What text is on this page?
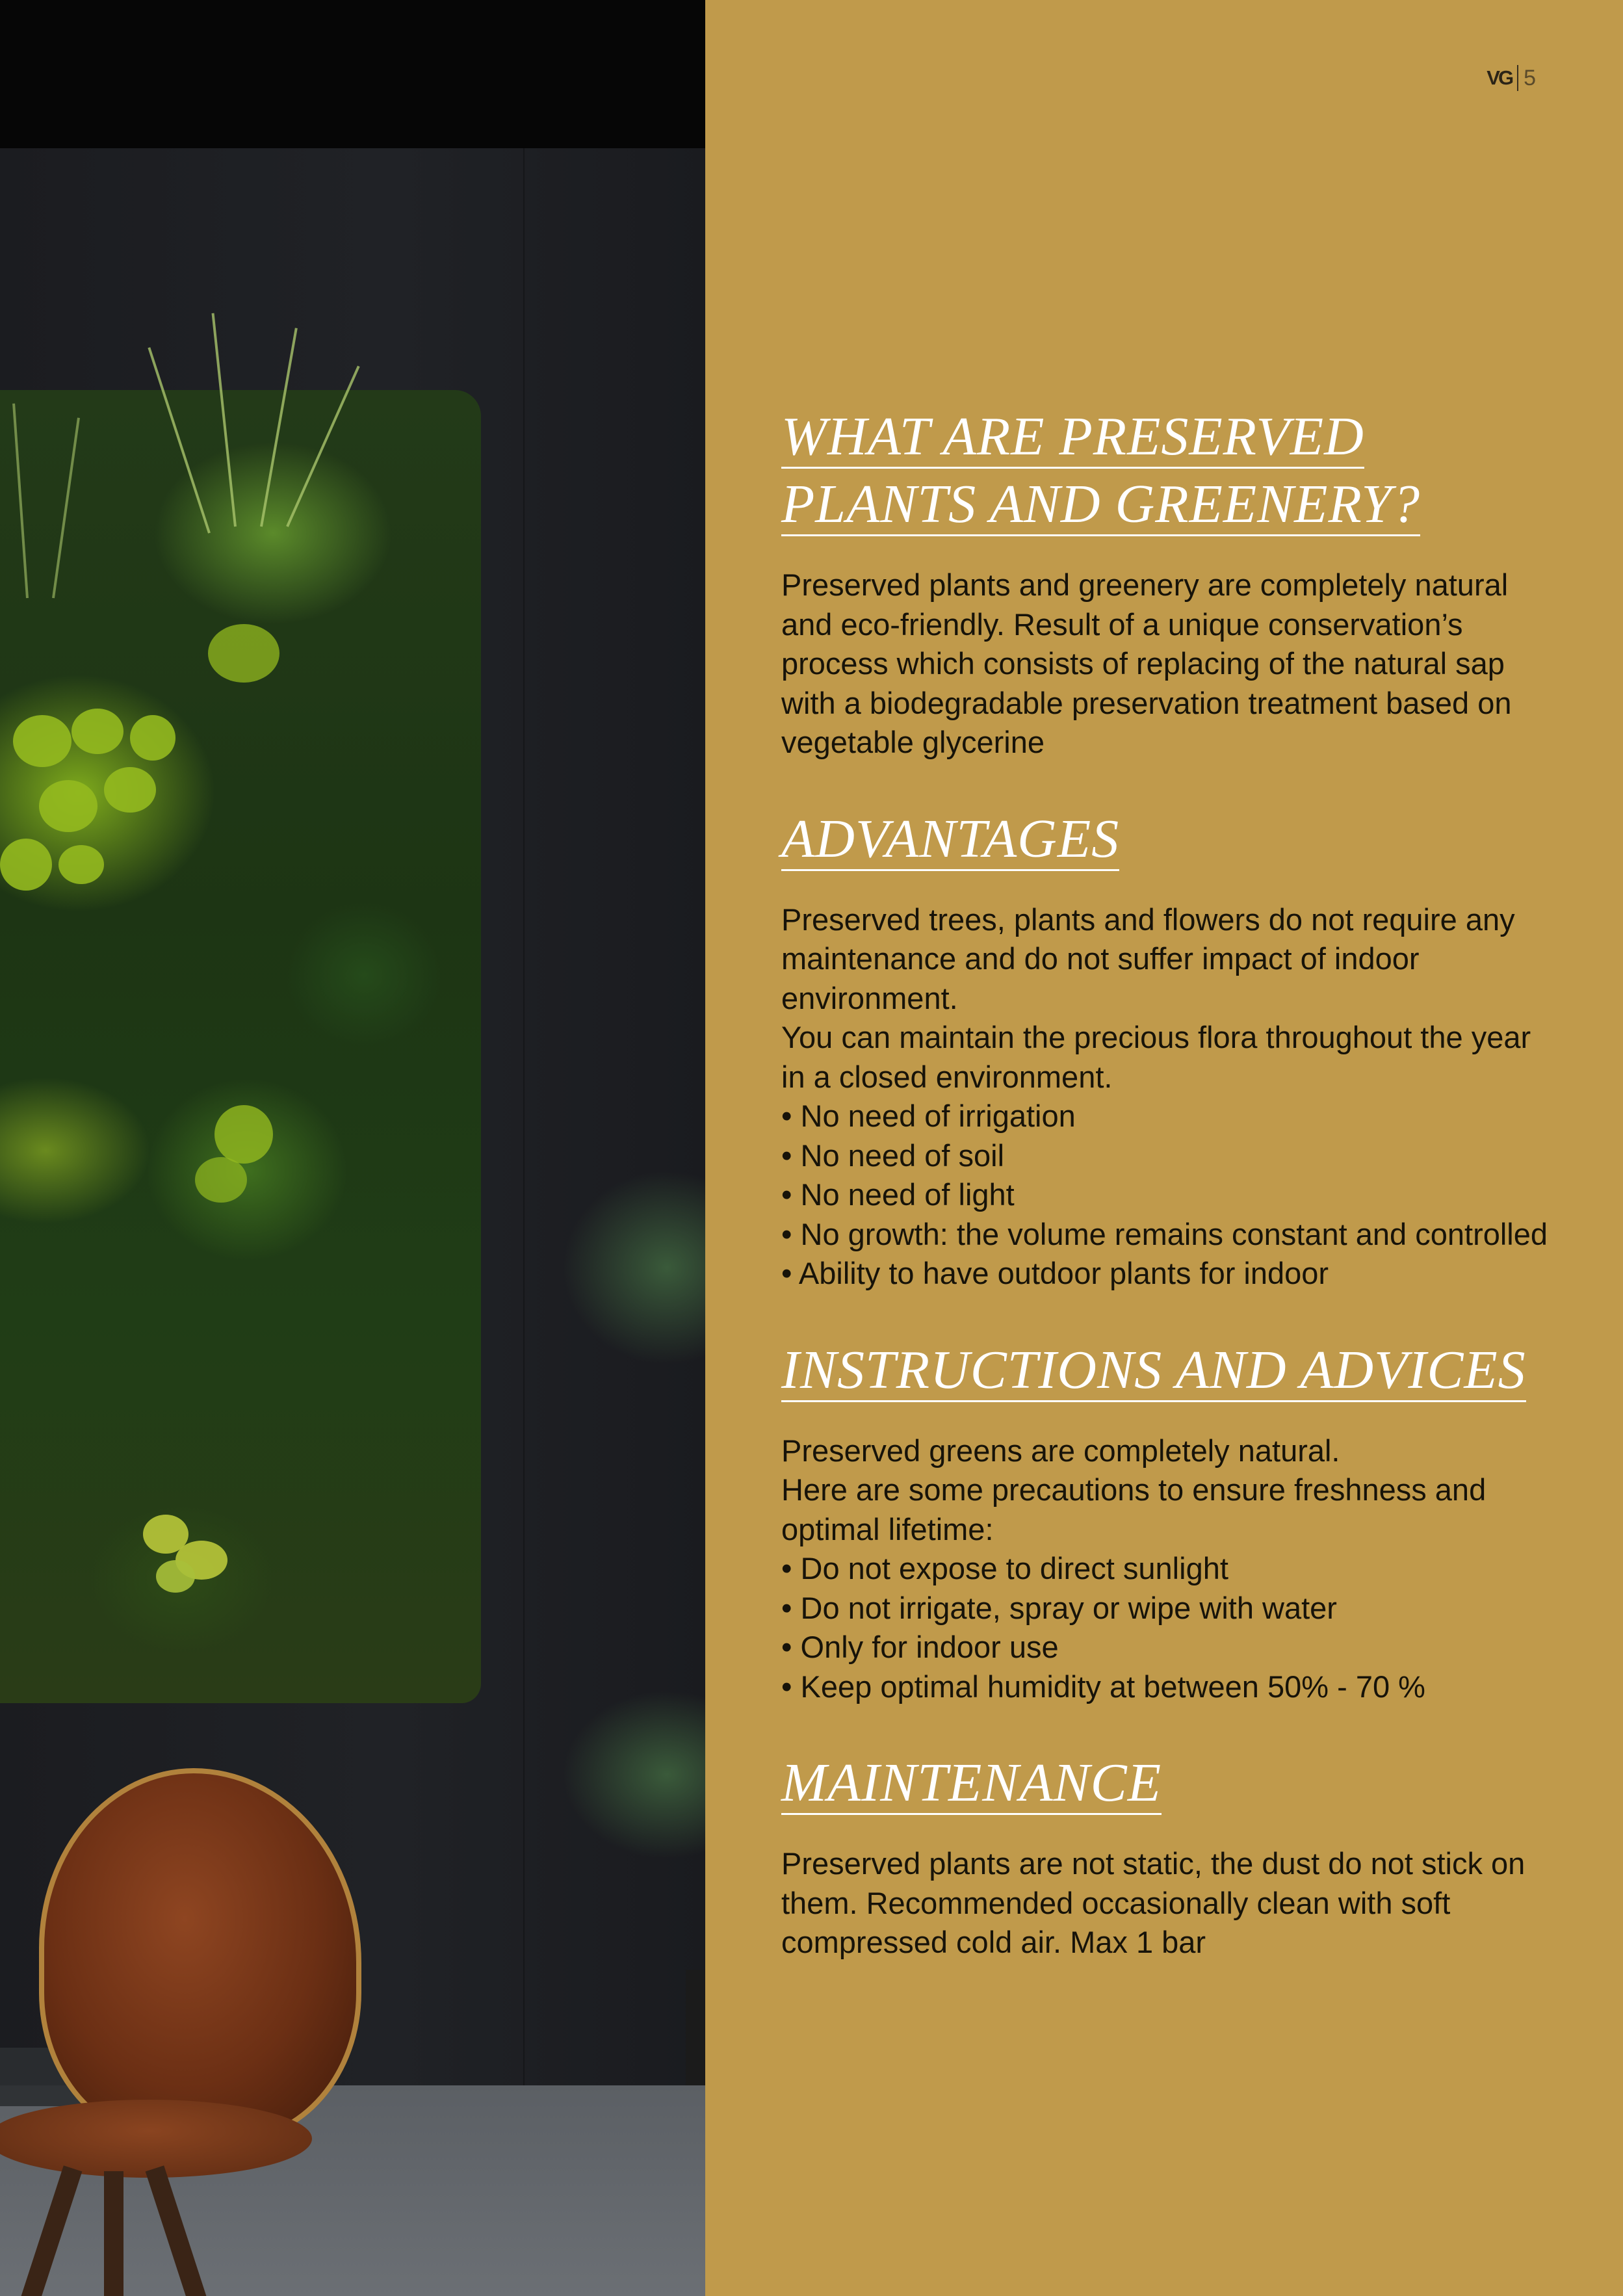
VG 5
WHAT ARE PRESERVED
PLANTS AND GREENERY?

Preserved plants and greenery are completely natural and eco-friendly. Result of a unique conservation’s process which consists of replacing of the natural sap with a biodegradable preservation treatment based on vegetable glycerine

ADVANTAGES

Preserved trees, plants and flowers do not require any maintenance and do not suffer impact of indoor environment.

You can maintain the precious flora throughout the year in a closed environment.

• No need of irrigation
• No need of soil
• No need of light
• No growth: the volume remains constant and controlled
• Ability to have outdoor plants for indoor
INSTRUCTIONS AND ADVICES

Preserved greens are completely natural.

Here are some precautions to ensure freshness and optimal lifetime:

• Do not expose to direct sunlight
• Do not irrigate, spray or wipe with water
• Only for indoor use
• Keep optimal humidity at between 50% - 70 %
MAINTENANCE

Preserved plants are not static, the dust do not stick on them. Recommended occasionally clean with soft compressed cold air. Max 1 bar
